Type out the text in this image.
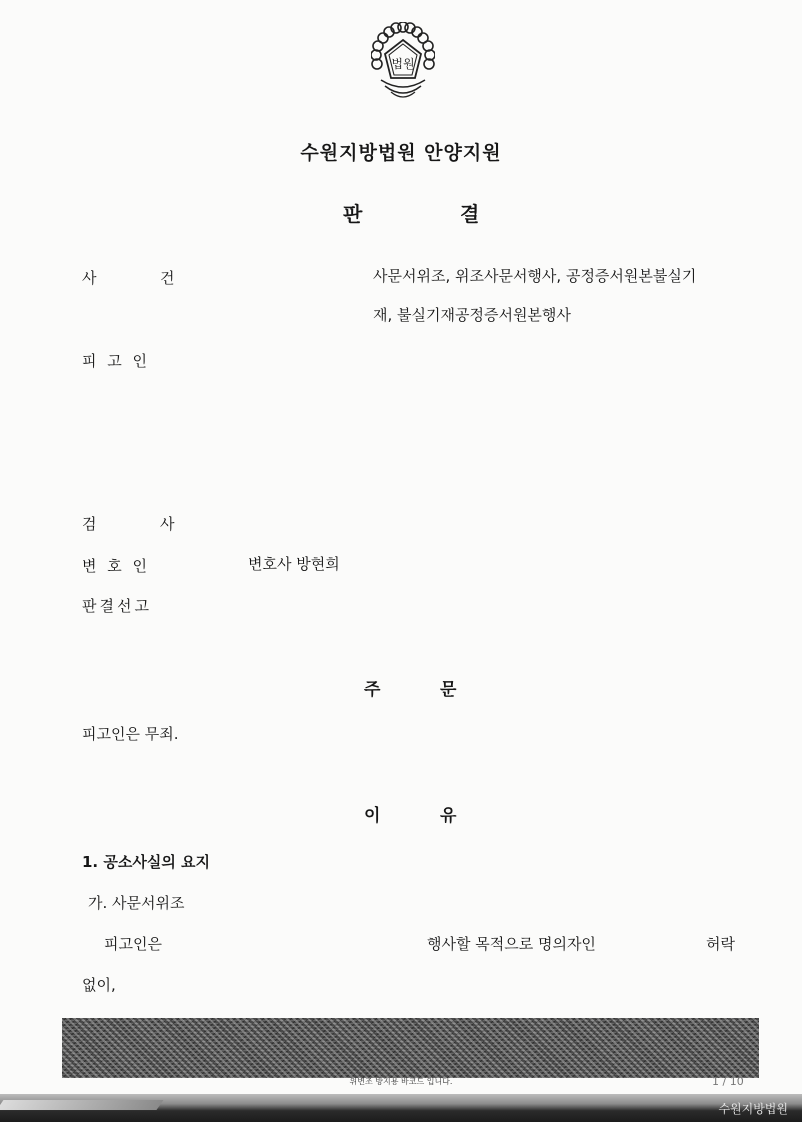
법원
수원지방법원 안양지원
판	결
사	건	사문서위조, 위조사문서행사, 공정증서원본불실기
재, 불실기재공정증서원본행사
피 고 인
검	사
변 호 인	변호사 방현희
판결선고
주	문
피고인은 무죄.
이	유
1. 공소사실의 요지
가. 사문서위조
피고인은	행사할 목적으로 명의자인	허락
없이,
위변조 방지용 바코드 입니다.	1 / 10
수원지방법원
